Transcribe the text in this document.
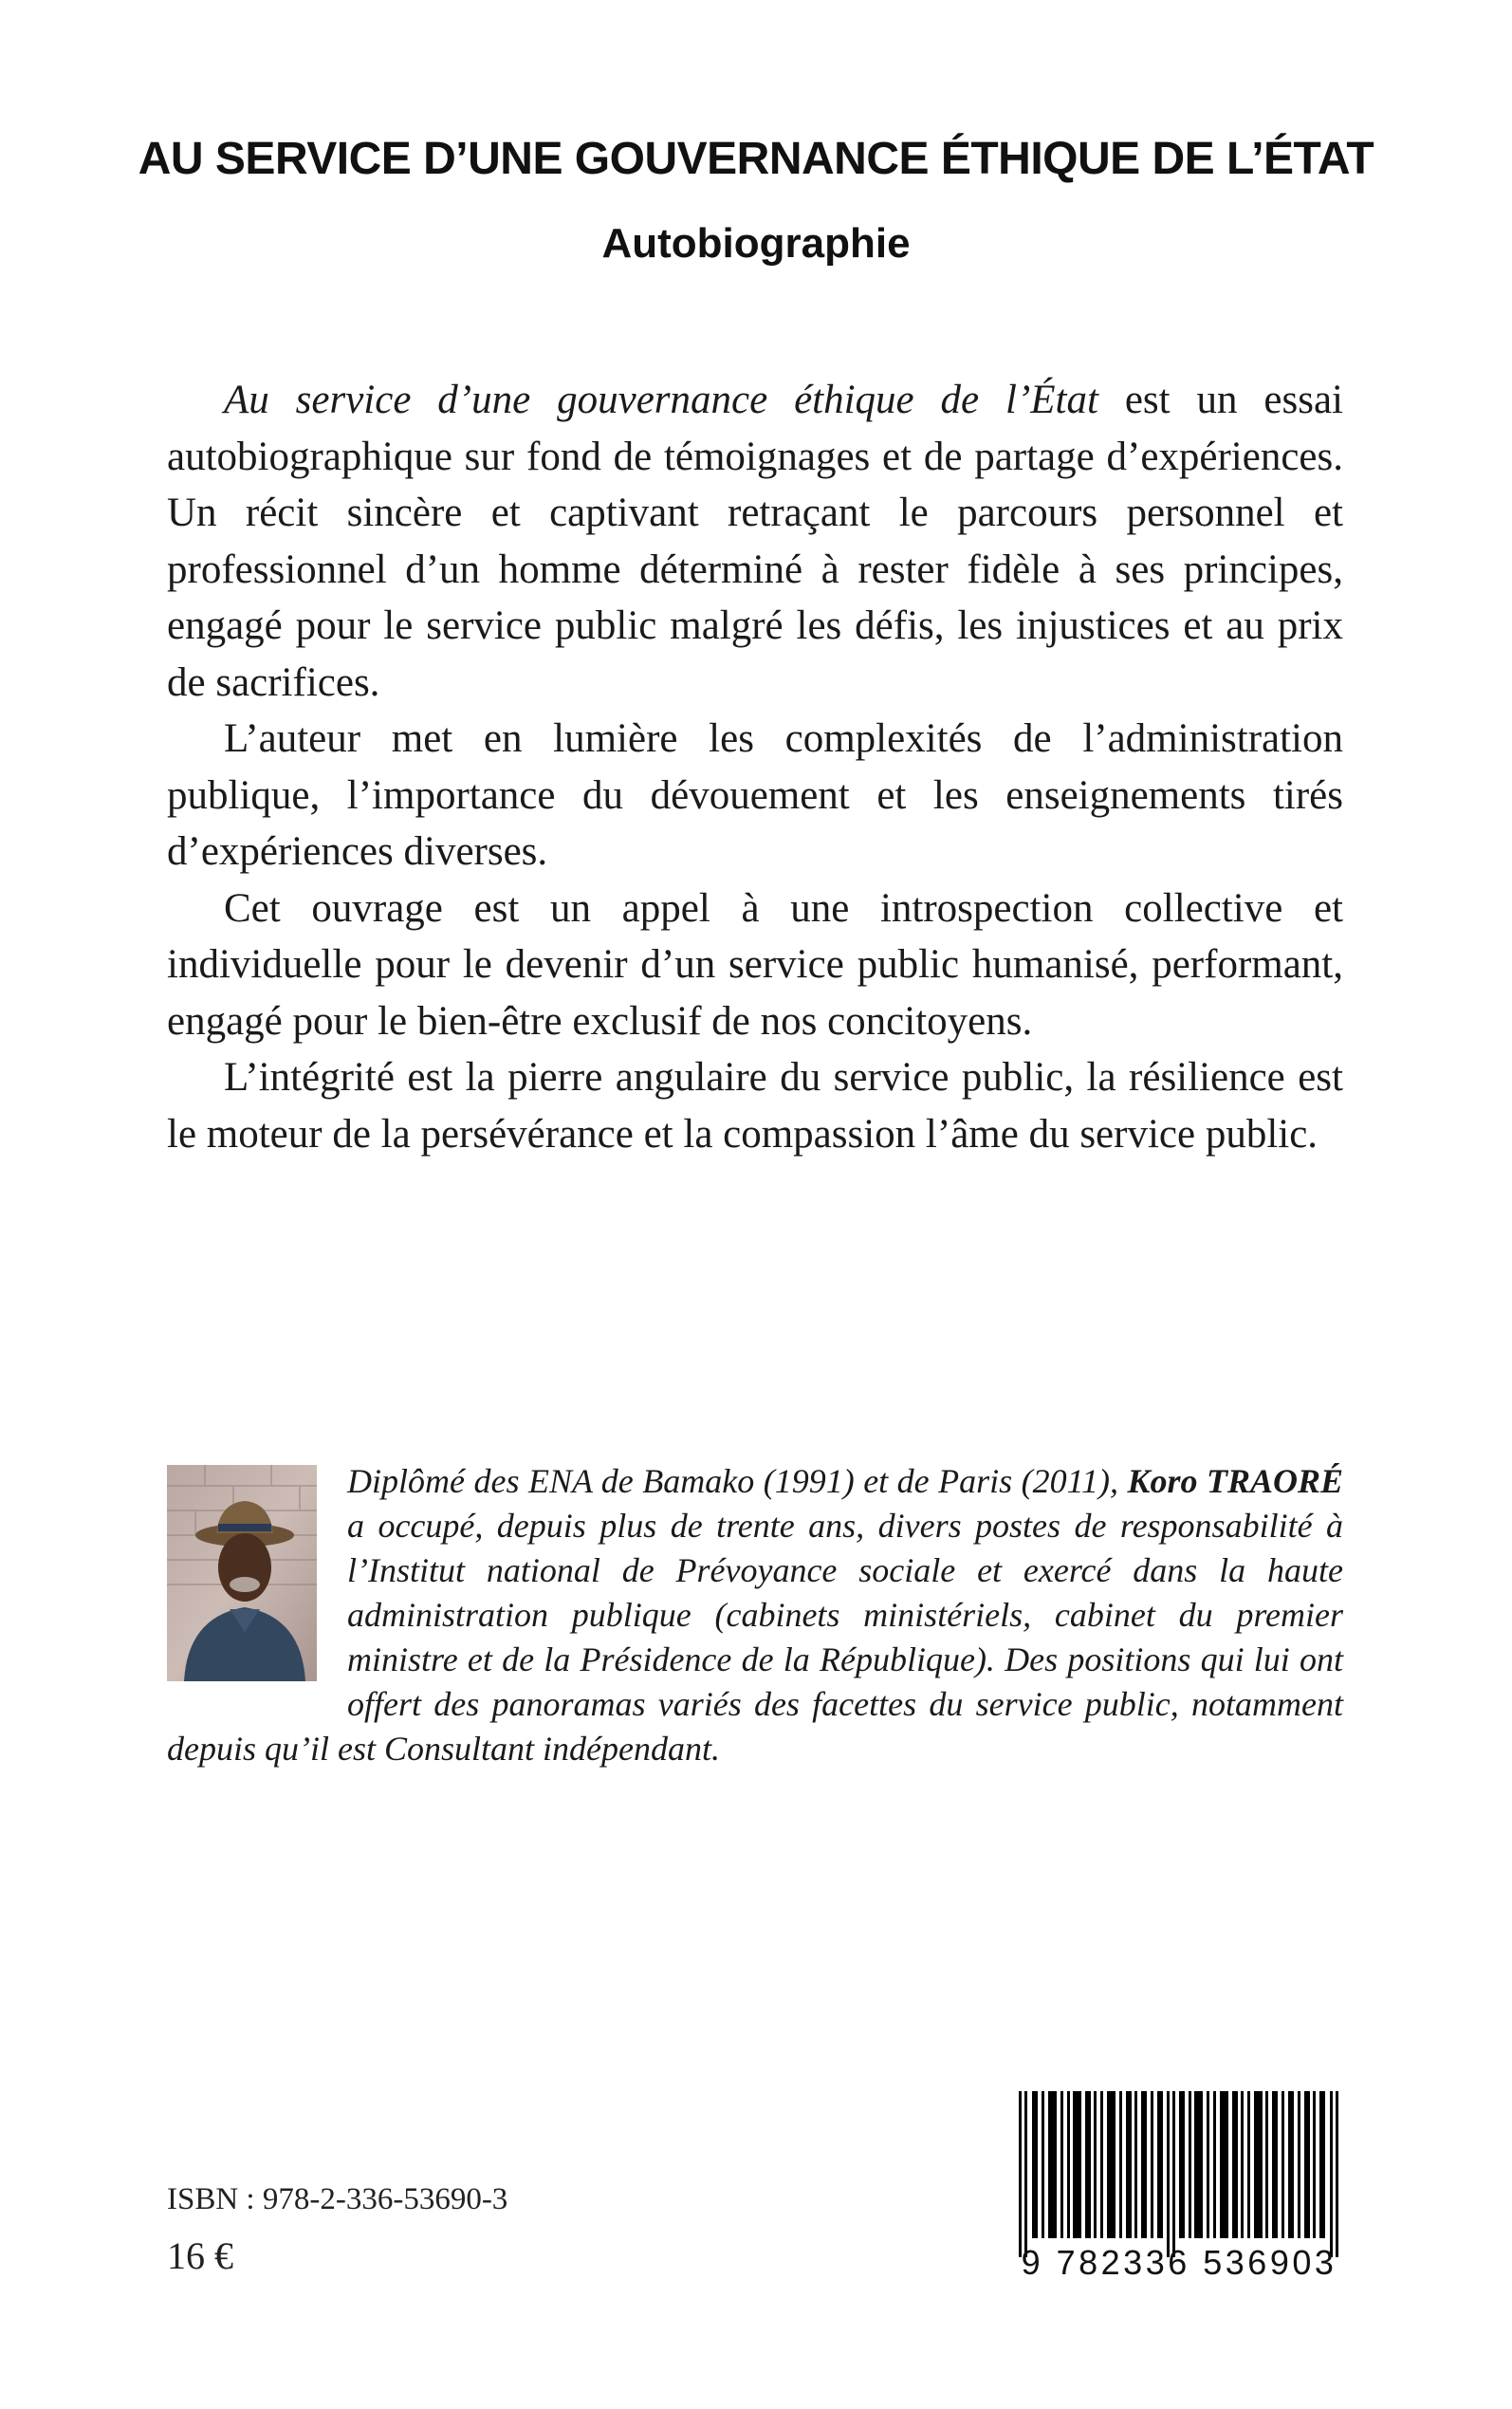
AU SERVICE D’UNE GOUVERNANCE ÉTHIQUE DE L’ÉTAT
Autobiographie

Au service d’une gouvernance éthique de l’État est un essai autobiographique sur fond de témoignages et de partage d’expériences. Un récit sincère et captivant retraçant le parcours personnel et professionnel d’un homme déterminé à rester fidèle à ses principes, engagé pour le service public malgré les défis, les injustices et au prix de sacrifices.

L’auteur met en lumière les complexités de l’administration publique, l’importance du dévouement et les enseignements tirés d’expériences diverses.

Cet ouvrage est un appel à une introspection collective et individuelle pour le devenir d’un service public humanisé, performant, engagé pour le bien-être exclusif de nos concitoyens.

L’intégrité est la pierre angulaire du service public, la résilience est le moteur de la persévérance et la compassion l’âme du service public.

Diplômé des ENA de Bamako (1991) et de Paris (2011), Koro TRAORÉ a occupé, depuis plus de trente ans, divers postes de responsabilité à l’Institut national de Prévoyance sociale et exercé dans la haute administration publique (cabinets ministériels, cabinet du premier ministre et de la Présidence de la République). Des positions qui lui ont offert des panoramas variés des facettes du service public, notamment depuis qu’il est Consultant indépendant.
ISBN : 978-2-336-53690-3
16 €	9 782336 536903
